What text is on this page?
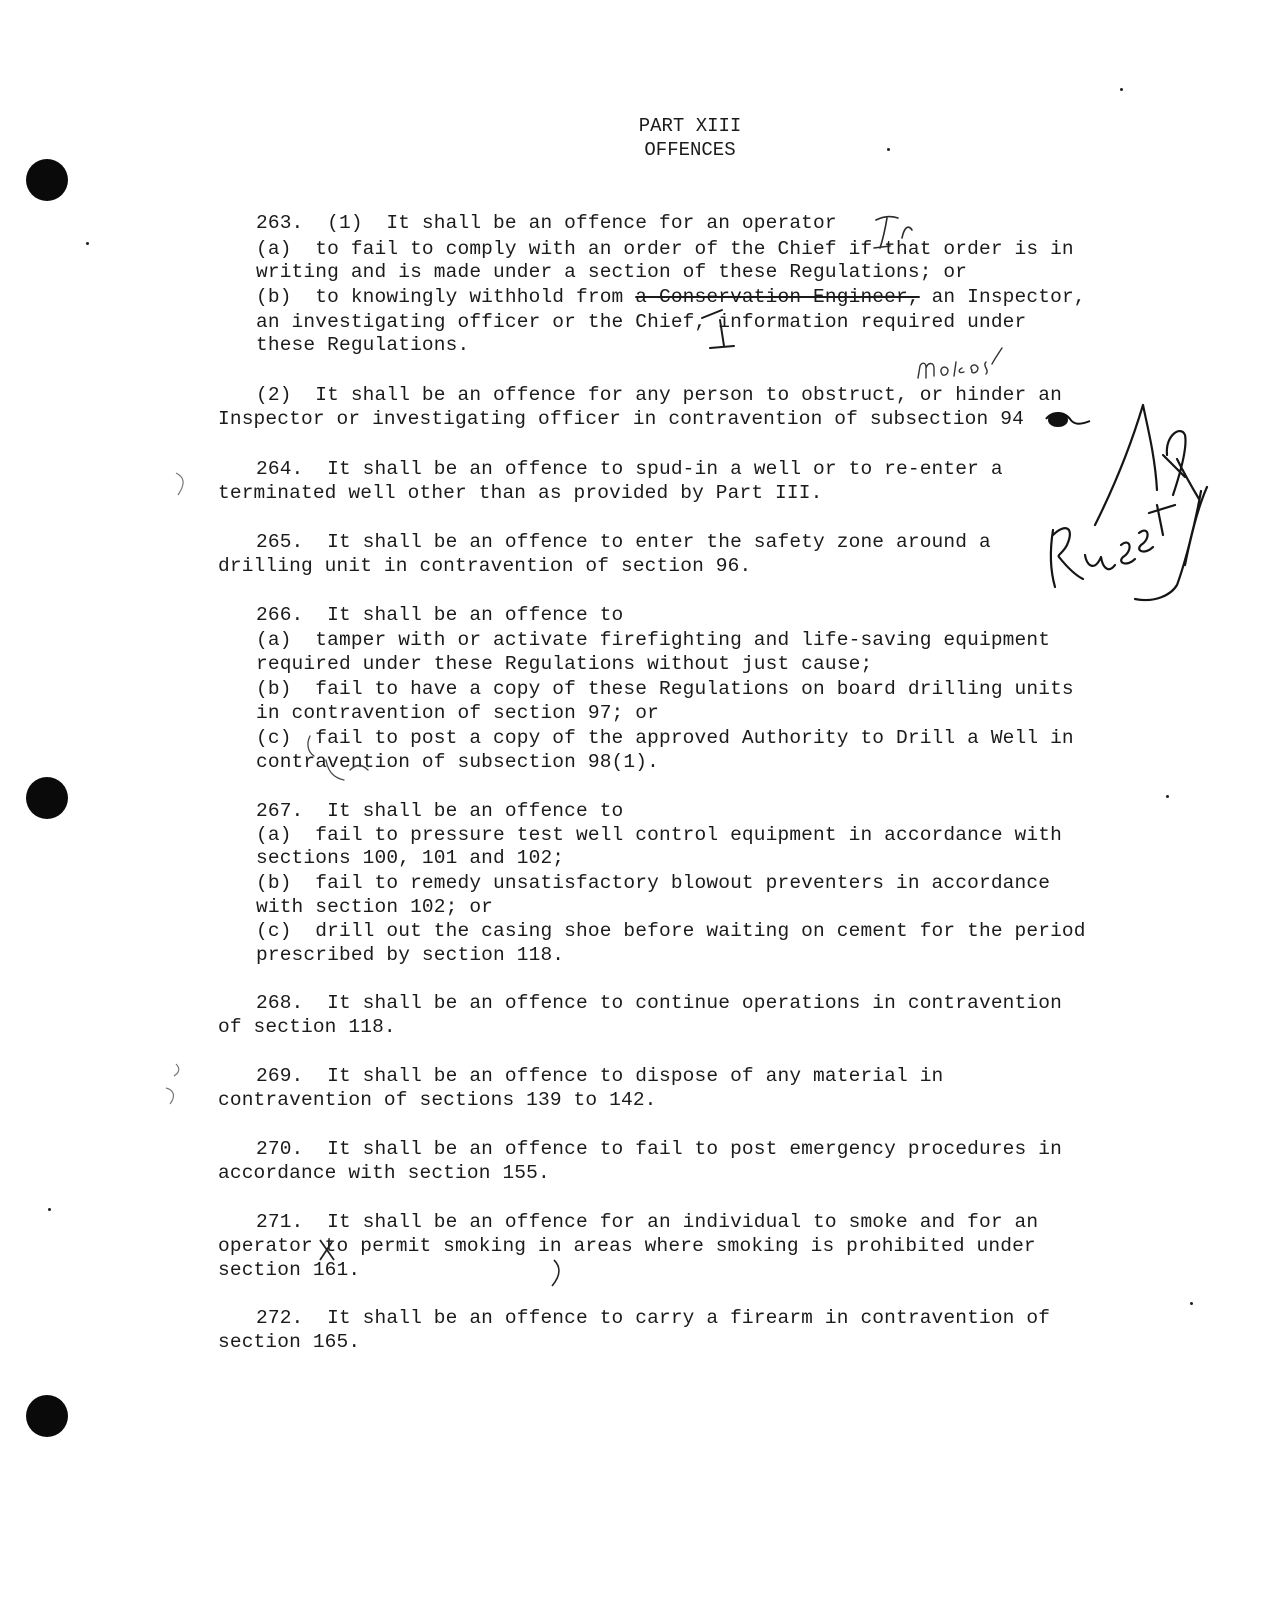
PART XIII
OFFENCES
263.  (1)  It shall be an offence for an operator
(a)  to fail to comply with an order of the Chief if that order is in
writing and is made under a section of these Regulations; or
(b)  to knowingly withhold from a Conservation Engineer, an Inspector,
an investigating officer or the Chief, information required under
these Regulations.
(2)  It shall be an offence for any person to obstruct, or hinder an
Inspector or investigating officer in contravention of subsection 94
264.  It shall be an offence to spud-in a well or to re-enter a
terminated well other than as provided by Part III.
265.  It shall be an offence to enter the safety zone around a
drilling unit in contravention of section 96.
266.  It shall be an offence to
(a)  tamper with or activate firefighting and life-saving equipment
required under these Regulations without just cause;
(b)  fail to have a copy of these Regulations on board drilling units
in contravention of section 97; or
(c)  fail to post a copy of the approved Authority to Drill a Well in
contravention of subsection 98(1).
267.  It shall be an offence to
(a)  fail to pressure test well control equipment in accordance with
sections 100, 101 and 102;
(b)  fail to remedy unsatisfactory blowout preventers in accordance
with section 102; or
(c)  drill out the casing shoe before waiting on cement for the period
prescribed by section 118.
268.  It shall be an offence to continue operations in contravention
of section 118.
269.  It shall be an offence to dispose of any material in
contravention of sections 139 to 142.
270.  It shall be an offence to fail to post emergency procedures in
accordance with section 155.
271.  It shall be an offence for an individual to smoke and for an
operator to permit smoking in areas where smoking is prohibited under
section 161.
272.  It shall be an offence to carry a firearm in contravention of
section 165.
